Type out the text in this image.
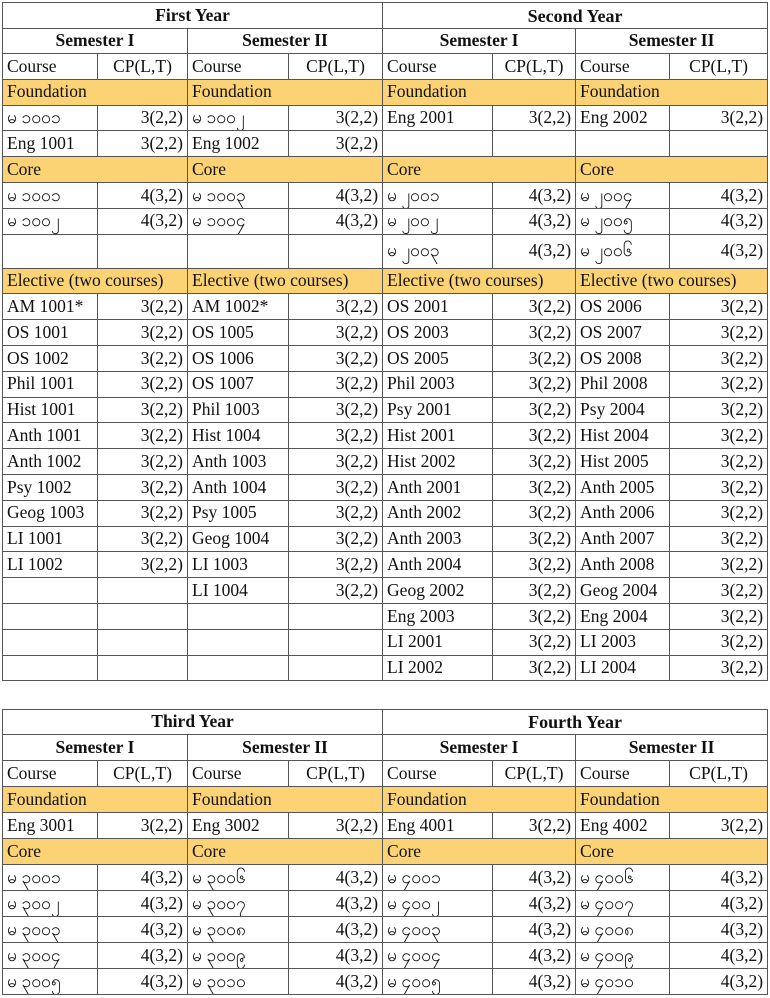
First Year				Second Year			
Semester I		Semester II		Semester I		Semester II	
Course	CP(L,T)	Course	CP(L,T)	Course	CP(L,T)	Course	CP(L,T)
Foundation		Foundation		Foundation		Foundation	
မ ၁၀၀၁	3(2,2)	မ ၁၀၀၂	3(2,2)	Eng 2001	3(2,2)	Eng 2002	3(2,2)
Eng 1001	3(2,2)	Eng 1002	3(2,2)				
Core		Core		Core		Core	
မ ၁၀၀၁	4(3,2)	မ ၁၀၀၃	4(3,2)	မ ၂၀၀၁	4(3,2)	မ ၂၀၀၄	4(3,2)
မ ၁၀၀၂	4(3,2)	မ ၁၀၀၄	4(3,2)	မ ၂၀၀၂	4(3,2)	မ ၂၀၀၅	4(3,2)
				မ ၂၀၀၃	4(3,2)	မ ၂၀၀၆	4(3,2)
Elective (two courses)		Elective (two courses)		Elective (two courses)		Elective (two courses)	
AM 1001*	3(2,2)	AM 1002*	3(2,2)	OS 2001	3(2,2)	OS 2006	3(2,2)
OS 1001	3(2,2)	OS 1005	3(2,2)	OS 2003	3(2,2)	OS 2007	3(2,2)
OS 1002	3(2,2)	OS 1006	3(2,2)	OS 2005	3(2,2)	OS 2008	3(2,2)
Phil 1001	3(2,2)	OS 1007	3(2,2)	Phil 2003	3(2,2)	Phil 2008	3(2,2)
Hist 1001	3(2,2)	Phil 1003	3(2,2)	Psy 2001	3(2,2)	Psy 2004	3(2,2)
Anth 1001	3(2,2)	Hist 1004	3(2,2)	Hist 2001	3(2,2)	Hist 2004	3(2,2)
Anth 1002	3(2,2)	Anth 1003	3(2,2)	Hist 2002	3(2,2)	Hist 2005	3(2,2)
Psy 1002	3(2,2)	Anth 1004	3(2,2)	Anth 2001	3(2,2)	Anth 2005	3(2,2)
Geog 1003	3(2,2)	Psy 1005	3(2,2)	Anth 2002	3(2,2)	Anth 2006	3(2,2)
LI 1001	3(2,2)	Geog 1004	3(2,2)	Anth 2003	3(2,2)	Anth 2007	3(2,2)
LI 1002	3(2,2)	LI 1003	3(2,2)	Anth 2004	3(2,2)	Anth 2008	3(2,2)
		LI 1004	3(2,2)	Geog 2002	3(2,2)	Geog 2004	3(2,2)
				Eng 2003	3(2,2)	Eng 2004	3(2,2)
				LI 2001	3(2,2)	LI 2003	3(2,2)
				LI 2002	3(2,2)	LI 2004	3(2,2)
Third Year				Fourth Year			
Semester I		Semester II		Semester I		Semester II	
Course	CP(L,T)	Course	CP(L,T)	Course	CP(L,T)	Course	CP(L,T)
Foundation		Foundation		Foundation		Foundation	
Eng 3001	3(2,2)	Eng 3002	3(2,2)	Eng 4001	3(2,2)	Eng 4002	3(2,2)
Core		Core		Core		Core	
မ ၃၀၀၁	4(3,2)	မ ၃၀၀၆	4(3,2)	မ ၄၀၀၁	4(3,2)	မ ၄၀၀၆	4(3,2)
မ ၃၀၀၂	4(3,2)	မ ၃၀၀၇	4(3,2)	မ ၄၀၀၂	4(3,2)	မ ၄၀၀၇	4(3,2)
မ ၃၀၀၃	4(3,2)	မ ၃၀၀၈	4(3,2)	မ ၄၀၀၃	4(3,2)	မ ၄၀၀၈	4(3,2)
မ ၃၀၀၄	4(3,2)	မ ၃၀၀၉	4(3,2)	မ ၄၀၀၄	4(3,2)	မ ၄၀၀၉	4(3,2)
မ ၃၀၀၅	4(3,2)	မ ၃၀၁၀	4(3,2)	မ ၄၀၀၅	4(3,2)	မ ၄၀၁၀	4(3,2)
